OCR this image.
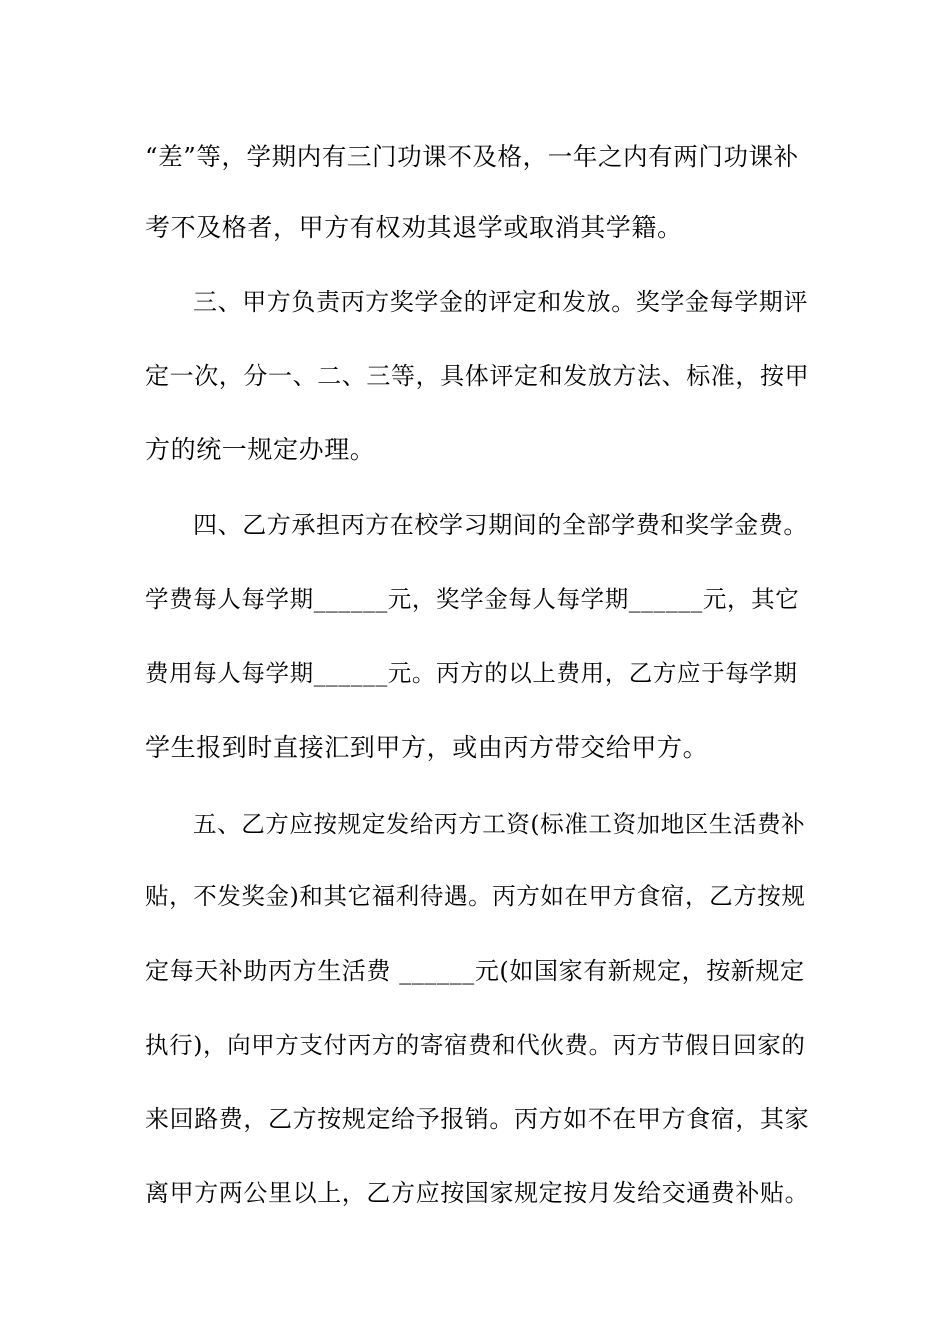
“差”等，学期内有三门功课不及格，一年之内有两门功课补
考不及格者，甲方有权劝其退学或取消其学籍。
三、甲方负责丙方奖学金的评定和发放。奖学金每学期评
定一次，分一、二、三等，具体评定和发放方法、标准，按甲
方的统一规定办理。
四、乙方承担丙方在校学习期间的全部学费和奖学金费。
学费每人每学期______元，奖学金每人每学期______元，其它
费用每人每学期______元。丙方的以上费用，乙方应于每学期
学生报到时直接汇到甲方，或由丙方带交给甲方。
五、乙方应按规定发给丙方工资(标准工资加地区生活费补
贴，不发奖金)和其它福利待遇。丙方如在甲方食宿，乙方按规
定每天补助丙方生活费 ______元(如国家有新规定，按新规定
执行)，向甲方支付丙方的寄宿费和代伙费。丙方节假日回家的
来回路费，乙方按规定给予报销。丙方如不在甲方食宿，其家
离甲方两公里以上，乙方应按国家规定按月发给交通费补贴。
